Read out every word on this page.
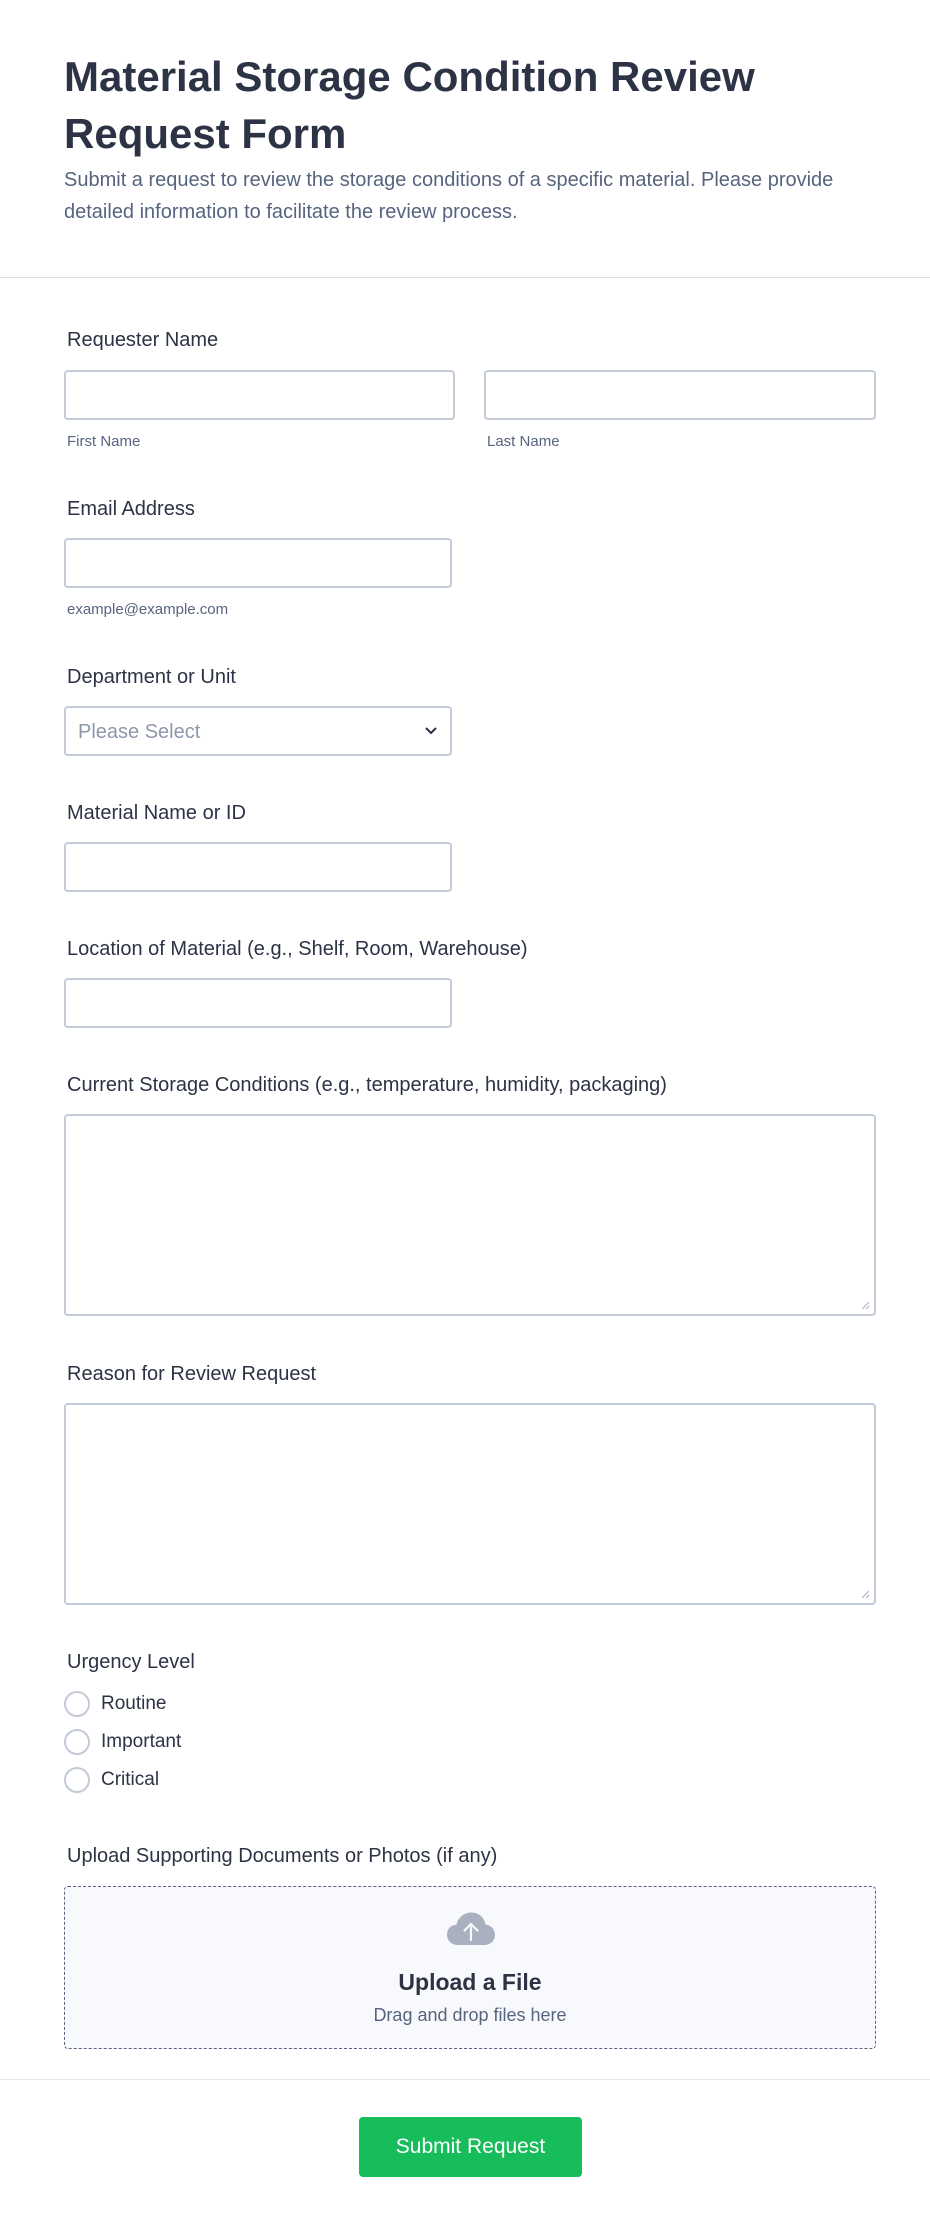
Material Storage Condition Review Request Form

Submit a request to review the storage conditions of a specific material. Please provide detailed information to facilitate the review process.

Requester Name
First Name	Last Name
Email Address
example@example.com
Department or Unit
Please Select
Material Name or ID
Location of Material (e.g., Shelf, Room, Warehouse)
Current Storage Conditions (e.g., temperature, humidity, packaging)
Reason for Review Request
Urgency Level
Routine
Important
Critical
Upload Supporting Documents or Photos (if any)
Upload a File
Drag and drop files here
Submit Request
